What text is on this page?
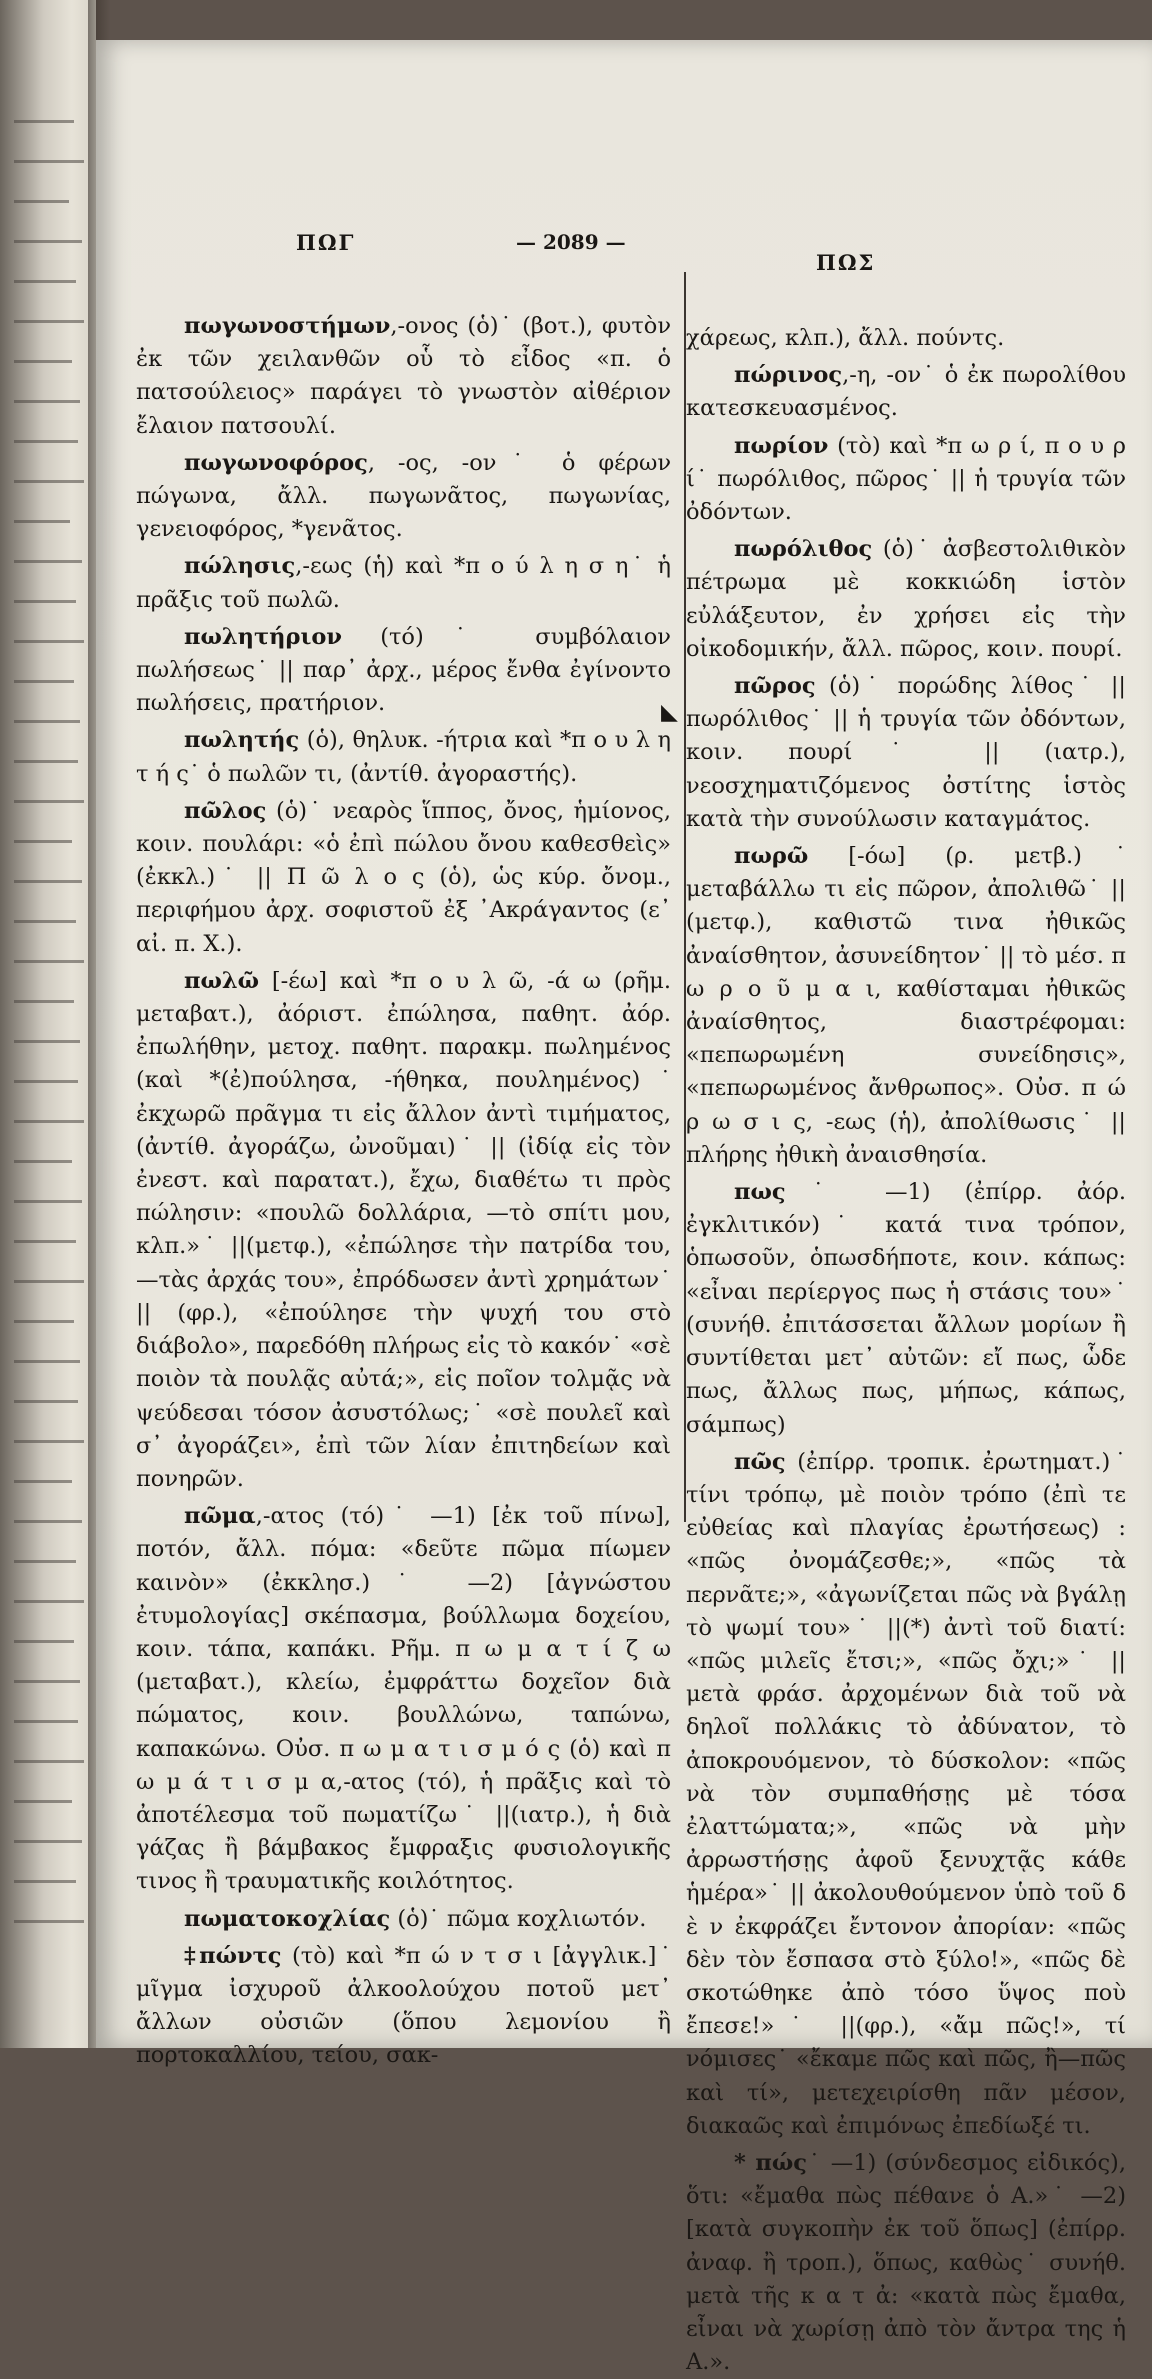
ΠΩΓ	— 2089 —
ΠΩΣ
◣

πωγωνοστήμων,-ονος (ὁ)˙ (βοτ.), φυτὸν ἐκ τῶν χειλανθῶν οὗ τὸ εἶδος «π. ὁ πατσούλειος» παράγει τὸ γνωστὸν αἰθέριον ἔλαιον πατσουλί.

πωγωνοφόρος, -ος, -ον˙ ὁ φέρων πώγωνα, ἄλλ. πωγωνᾶτος, πωγωνίας, γενειοφόρος, *γενᾶτος.

πώλησις,-εως (ἡ) καὶ *π ο ύ λ η σ η˙ ἡ πρᾶξις τοῦ πωλῶ.

πωλητήριον (τό)˙ συμβόλαιον πωλήσεως˙ || παρ᾿ ἀρχ., μέρος ἔνθα ἐγίνοντο πωλήσεις, πρατήριον.

πωλητής (ὁ), θηλυκ. -ήτρια καὶ *π ο υ λ η τ ή ς˙ ὁ πωλῶν τι, (ἀντίθ. ἀγοραστής).

πῶλος (ὁ)˙ νεαρὸς ἵππος, ὄνος, ἡμίονος, κοιν. πουλάρι: «ὁ ἐπὶ πώλου ὄνου καθεσθεὶς» (ἐκκλ.)˙ || Π ῶ λ ο ς (ὁ), ὡς κύρ. ὄνομ., περιφήμου ἀρχ. σοφιστοῦ ἐξ ᾿Ακράγαντος (ε᾿ αἰ. π. Χ.).

πωλῶ [-έω] καὶ *π ο υ λ ῶ, -ά ω (ρῆμ. μεταβατ.), ἀόριστ. ἐπώλησα, παθητ. ἀόρ. ἐπωλήθην, μετοχ. παθητ. παρακμ. πωλημένος (καὶ *(ἐ)πούλησα, -ήθηκα, πουλημένος)˙ ἐκχωρῶ πρᾶγμα τι εἰς ἄλλον ἀντὶ τιμήματος, (ἀντίθ. ἀγοράζω, ὠνοῦμαι)˙ || (ἰδίᾳ εἰς τὸν ἐνεστ. καὶ παρατατ.), ἔχω, διαθέτω τι πρὸς πώλησιν: «πουλῶ δολλάρια, —τὸ σπίτι μου, κλπ.»˙ ||(μετφ.), «ἐπώλησε τὴν πατρίδα του, —τὰς ἀρχάς του», ἐπρόδωσεν ἀντὶ χρημάτων˙ || (φρ.), «ἐπούλησε τὴν ψυχή του στὸ διάβολο», παρεδόθη πλήρως εἰς τὸ κακόν˙ «σὲ ποιὸν τὰ πουλᾷς αὐτά;», εἰς ποῖον τολμᾷς νὰ ψεύδεσαι τόσον ἀσυστόλως;˙ «σὲ πουλεῖ καὶ σ᾿ ἀγοράζει», ἐπὶ τῶν λίαν ἐπιτηδείων καὶ πονηρῶν.

πῶμα,-ατος (τό)˙ —1) [ἐκ τοῦ πίνω], ποτόν, ἄλλ. πόμα: «δεῦτε πῶμα πίωμεν καινὸν» (ἐκκλησ.)˙ —2) [ἀγνώστου ἐτυμολογίας] σκέπασμα, βούλλωμα δοχείου, κοιν. τάπα, καπάκι. Ρῆμ. π ω μ α τ ί ζ ω (μεταβατ.), κλείω, ἐμφράττω δοχεῖον διὰ πώματος, κοιν. βουλλώνω, ταπώνω, καπακώνω. Οὐσ. π ω μ α τ ι σ μ ό ς (ὁ) καὶ π ω μ ά τ ι σ μ α,-ατος (τό), ἡ πρᾶξις καὶ τὸ ἀποτέλεσμα τοῦ πωματίζω˙ ||(ιατρ.), ἡ διὰ γάζας ἢ βάμβακος ἔμφραξις φυσιολογικῆς τινος ἢ τραυματικῆς κοιλότητος.

πωματοκοχλίας (ὁ)˙ πῶμα κοχλιωτόν.

‡πώντς (τὸ) καὶ *π ώ ν τ σ ι [ἀγγλικ.]˙ μῖγμα ἰσχυροῦ ἀλκοολούχου ποτοῦ μετ᾿ ἄλλων οὐσιῶν (ὅπου λεμονίου ἢ πορτοκαλλίου, τείου, σακ-

χάρεως, κλπ.), ἄλλ. πούντς.

πώρινος,-η, -ον˙ ὁ ἐκ πωρολίθου κατεσκευασμένος.

πωρίον (τὸ) καὶ *π ω ρ ί, π ο υ ρ ί˙ πωρόλιθος, πῶρος˙ || ἡ τρυγία τῶν ὀδόντων.

πωρόλιθος (ὁ)˙ ἀσβεστολιθικὸν πέτρωμα μὲ κοκκιώδη ἱστὸν εὐλάξευτον, ἐν χρήσει εἰς τὴν οἰκοδομικήν, ἄλλ. πῶρος, κοιν. πουρί.

πῶρος (ὁ)˙ πορώδης λίθος˙ || πωρόλιθος˙ || ἡ τρυγία τῶν ὀδόντων, κοιν. πουρί˙ || (ιατρ.), νεοσχηματιζόμενος ὀστίτης ἱστὸς κατὰ τὴν συνούλωσιν καταγμάτος.

πωρῶ [-όω] (ρ. μετβ.)˙ μεταβάλλω τι εἰς πῶρον, ἀπολιθῶ˙ ||(μετφ.), καθιστῶ τινα ἠθικῶς ἀναίσθητον, ἀσυνείδητον˙ || τὸ μέσ. π ω ρ ο ῦ μ α ι, καθίσταμαι ἠθικῶς ἀναίσθητος, διαστρέφομαι: «πεπωρωμένη συνείδησις», «πεπωρωμένος ἄνθρωπος». Οὐσ. π ώ ρ ω σ ι ς, -εως (ἡ), ἀπολίθωσις˙ || πλήρης ἠθικὴ ἀναισθησία.

πως˙ —1) (ἐπίρρ. ἀόρ. ἐγκλιτικόν)˙ κατά τινα τρόπον, ὁπωσοῦν, ὁπωσδήποτε, κοιν. κάπως: «εἶναι περίεργος πως ἡ στάσις του»˙ (συνήθ. ἐπιτάσσεται ἄλλων μορίων ἢ συντίθεται μετ᾿ αὐτῶν: εἴ πως, ὧδε πως, ἄλλως πως, μήπως, κάπως, σάμπως)

πῶς (ἐπίρρ. τροπικ. ἐρωτηματ.)˙ τίνι τρόπῳ, μὲ ποιὸν τρόπο (ἐπὶ τε εὐθείας καὶ πλαγίας ἐρωτήσεως) : «πῶς ὀνομάζεσθε;», «πῶς τὰ περνᾶτε;», «ἀγωνίζεται πῶς νὰ βγάλῃ τὸ ψωμί του»˙ ||(*) ἀντὶ τοῦ διατί: «πῶς μιλεῖς ἔτσι;», «πῶς ὄχι;»˙ || μετὰ φράσ. ἀρχομένων διὰ τοῦ νὰ δηλοῖ πολλάκις τὸ ἀδύνατον, τὸ ἀποκρουόμενον, τὸ δύσκολον: «πῶς νὰ τὸν συμπαθήσῃς μὲ τόσα ἐλαττώματα;», «πῶς νὰ μὴν ἀρρωστήσῃς ἀφοῦ ξενυχτᾷς κάθε ἡμέρα»˙ || ἀκολουθούμενον ὑπὸ τοῦ δ ὲ ν ἐκφράζει ἔντονον ἀπορίαν: «πῶς δὲν τὸν ἔσπασα στὸ ξύλο!», «πῶς δὲ σκοτώθηκε ἀπὸ τόσο ὕψος ποὺ ἔπεσε!»˙ ||(φρ.), «ἄμ πῶς!», τί νόμισες˙ «ἔκαμε πῶς καὶ πῶς, ἢ—πῶς καὶ τί», μετεχειρίσθη πᾶν μέσον, διακαῶς καὶ ἐπιμόνως ἐπεδίωξέ τι.

* πώς˙ —1) (σύνδεσμος εἰδικός), ὅτι: «ἔμαθα πὼς πέθανε ὁ Α.»˙ —2) [κατὰ συγκοπὴν ἐκ τοῦ ὅπως] (ἐπίρρ. ἀναφ. ἢ τροπ.), ὅπως, καθὼς˙ συνήθ. μετὰ τῆς κ α τ ἀ: «κατὰ πὼς ἔμαθα, εἶναι νὰ χωρίσῃ ἀπὸ τὸν ἄντρα της ἡ Α.».
